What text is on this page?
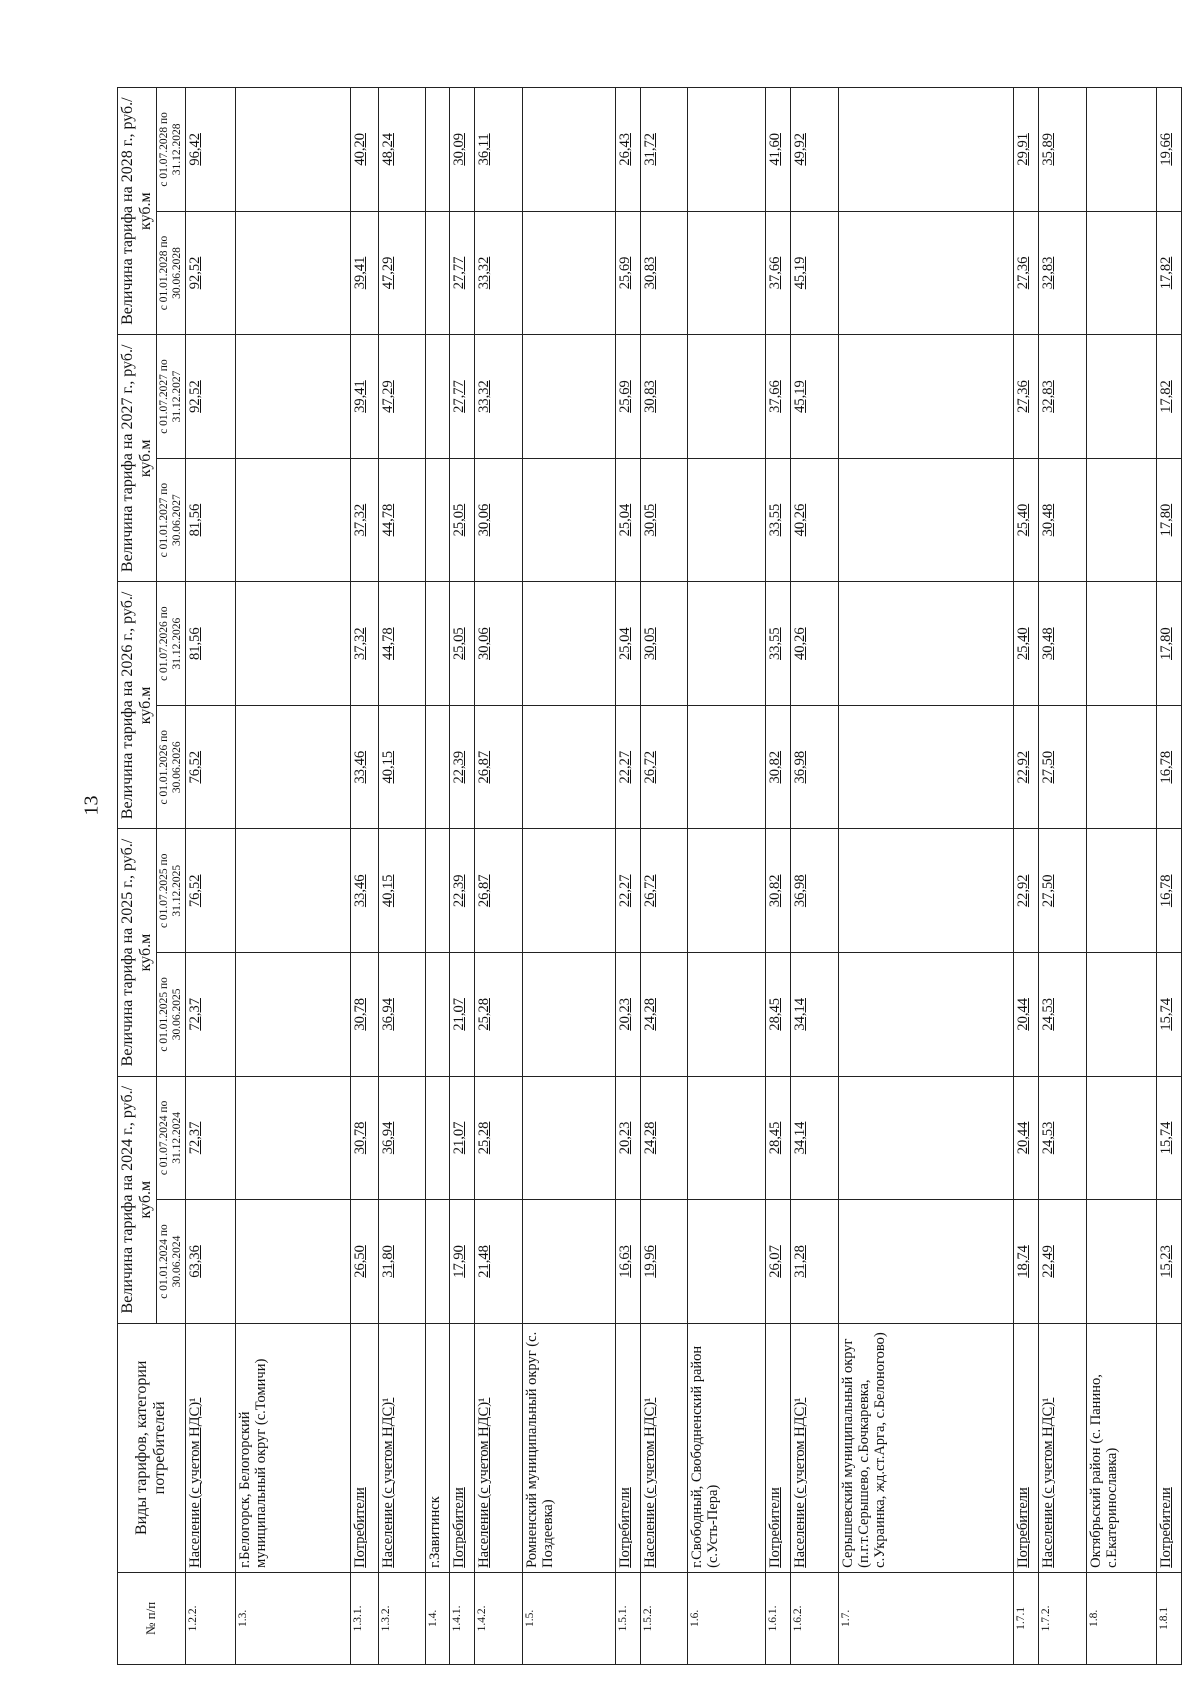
13
№ п/п	Виды тарифов, категории потребителей	Величина тарифа на 2024 г., руб./куб.м		Величина тарифа на 2025 г., руб./куб.м		Величина тарифа на 2026 г., руб./куб.м		Величина тарифа на 2027 г., руб./куб.м		Величина тарифа на 2028 г., руб./куб.м	
		с 01.01.2024 по 30.06.2024	с 01.07.2024 по 31.12.2024	с 01.01.2025 по 30.06.2025	с 01.07.2025 по 31.12.2025	с 01.01.2026 по 30.06.2026	с 01.07.2026 по 31.12.2026	с 01.01.2027 по 30.06.2027	с 01.07.2027 по 31.12.2027	с 01.01.2028 по 30.06.2028	с 01.07.2028 по 31.12.2028
1.2.2.	Население (с учетом НДС)¹	63,36	72,37	72,37	76,52	76,52	81,56	81,56	92,52	92,52	96,42
1.3.	г.Белогорск, Белогорский муниципальный округ (с.Томичи)										
1.3.1.	Потребители	26,50	30,78	30,78	33,46	33,46	37,32	37,32	39,41	39,41	40,20
1.3.2.	Население (с учетом НДС)¹	31,80	36,94	36,94	40,15	40,15	44,78	44,78	47,29	47,29	48,24
1.4.	г.Завитинск										
1.4.1.	Потребители	17,90	21,07	21,07	22,39	22,39	25,05	25,05	27,77	27,77	30,09
1.4.2.	Население (с учетом НДС)¹	21,48	25,28	25,28	26,87	26,87	30,06	30,06	33,32	33,32	36,11
1.5.	Ромненский муниципальный округ (с. Поздеевка)										
1.5.1.	Потребители	16,63	20,23	20,23	22,27	22,27	25,04	25,04	25,69	25,69	26,43
1.5.2.	Население (с учетом НДС)¹	19,96	24,28	24,28	26,72	26,72	30,05	30,05	30,83	30,83	31,72
1.6.	г.Свободный, Свободненский район (с.Усть-Пера)										
1.6.1.	Потребители	26,07	28,45	28,45	30,82	30,82	33,55	33,55	37,66	37,66	41,60
1.6.2.	Население (с учетом НДС)¹	31,28	34,14	34,14	36,98	36,98	40,26	40,26	45,19	45,19	49,92
1.7.	Серышевский муниципальный округ (п.г.т.Серышево, с.Бочкаревка, с.Украинка, жд.ст.Арга, с.Белоногово)										
1.7.1	Потребители	18,74	20,44	20,44	22,92	22,92	25,40	25,40	27,36	27,36	29,91
1.7.2.	Население (с учетом НДС)¹	22,49	24,53	24,53	27,50	27,50	30,48	30,48	32,83	32,83	35,89
1.8.	Октябрьский район (с. Панино, с.Екатеринославка)										
1.8.1	Потребители	15,23	15,74	15,74	16,78	16,78	17,80	17,80	17,82	17,82	19,66
